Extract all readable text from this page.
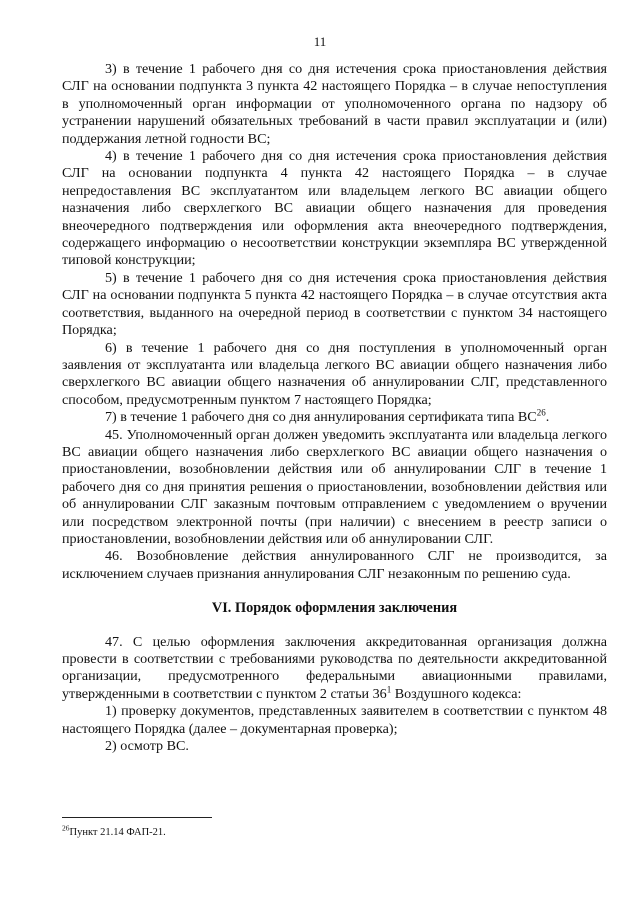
11

3) в течение 1 рабочего дня со дня истечения срока приостановления действия СЛГ на основании подпункта 3 пункта 42 настоящего Порядка – в случае непоступления в уполномоченный орган информации от уполномоченного органа по надзору об устранении нарушений обязательных требований в части правил эксплуатации и (или) поддержания летной годности ВС;

4) в течение 1 рабочего дня со дня истечения срока приостановления действия СЛГ на основании подпункта 4 пункта 42 настоящего Порядка – в случае непредоставления ВС эксплуатантом или владельцем легкого ВС авиации общего назначения либо сверхлегкого ВС авиации общего назначения для проведения внеочередного подтверждения или оформления акта внеочередного подтверждения, содержащего информацию о несоответствии конструкции экземпляра ВС утвержденной типовой конструкции;

5) в течение 1 рабочего дня со дня истечения срока приостановления действия СЛГ на основании подпункта 5 пункта 42 настоящего Порядка – в случае отсутствия акта соответствия, выданного на очередной период в соответствии с пунктом 34 настоящего Порядка;

6) в течение 1 рабочего дня со дня поступления в уполномоченный орган заявления от эксплуатанта или владельца легкого ВС авиации общего назначения либо сверхлегкого ВС авиации общего назначения об аннулировании СЛГ, представленного способом, предусмотренным пунктом 7 настоящего Порядка;

7) в течение 1 рабочего дня со дня аннулирования сертификата типа ВС$^{26}$.

45. Уполномоченный орган должен уведомить эксплуатанта или владельца легкого ВС авиации общего назначения либо сверхлегкого ВС авиации общего назначения о приостановлении, возобновлении действия или об аннулировании СЛГ в течение 1 рабочего дня со дня принятия решения о приостановлении, возобновлении действия или об аннулировании СЛГ заказным почтовым отправлением с уведомлением о вручении или посредством электронной почты (при наличии) с внесением в реестр записи о приостановлении, возобновлении действия или об аннулировании СЛГ.

46. Возобновление действия аннулированного СЛГ не производится, за исключением случаев признания аннулирования СЛГ незаконным по решению суда.

VI. Порядок оформления заключения

47. С целью оформления заключения аккредитованная организация должна провести в соответствии с требованиями руководства по деятельности аккредитованной организации, предусмотренного федеральными авиационными правилами, утвержденными в соответствии с пунктом 2 статьи 36$^1$ Воздушного кодекса:

1) проверку документов, представленных заявителем в соответствии с пунктом 48 настоящего Порядка (далее – документарная проверка);

2) осмотр ВС.

$^{26}$Пункт 21.14 ФАП-21.
